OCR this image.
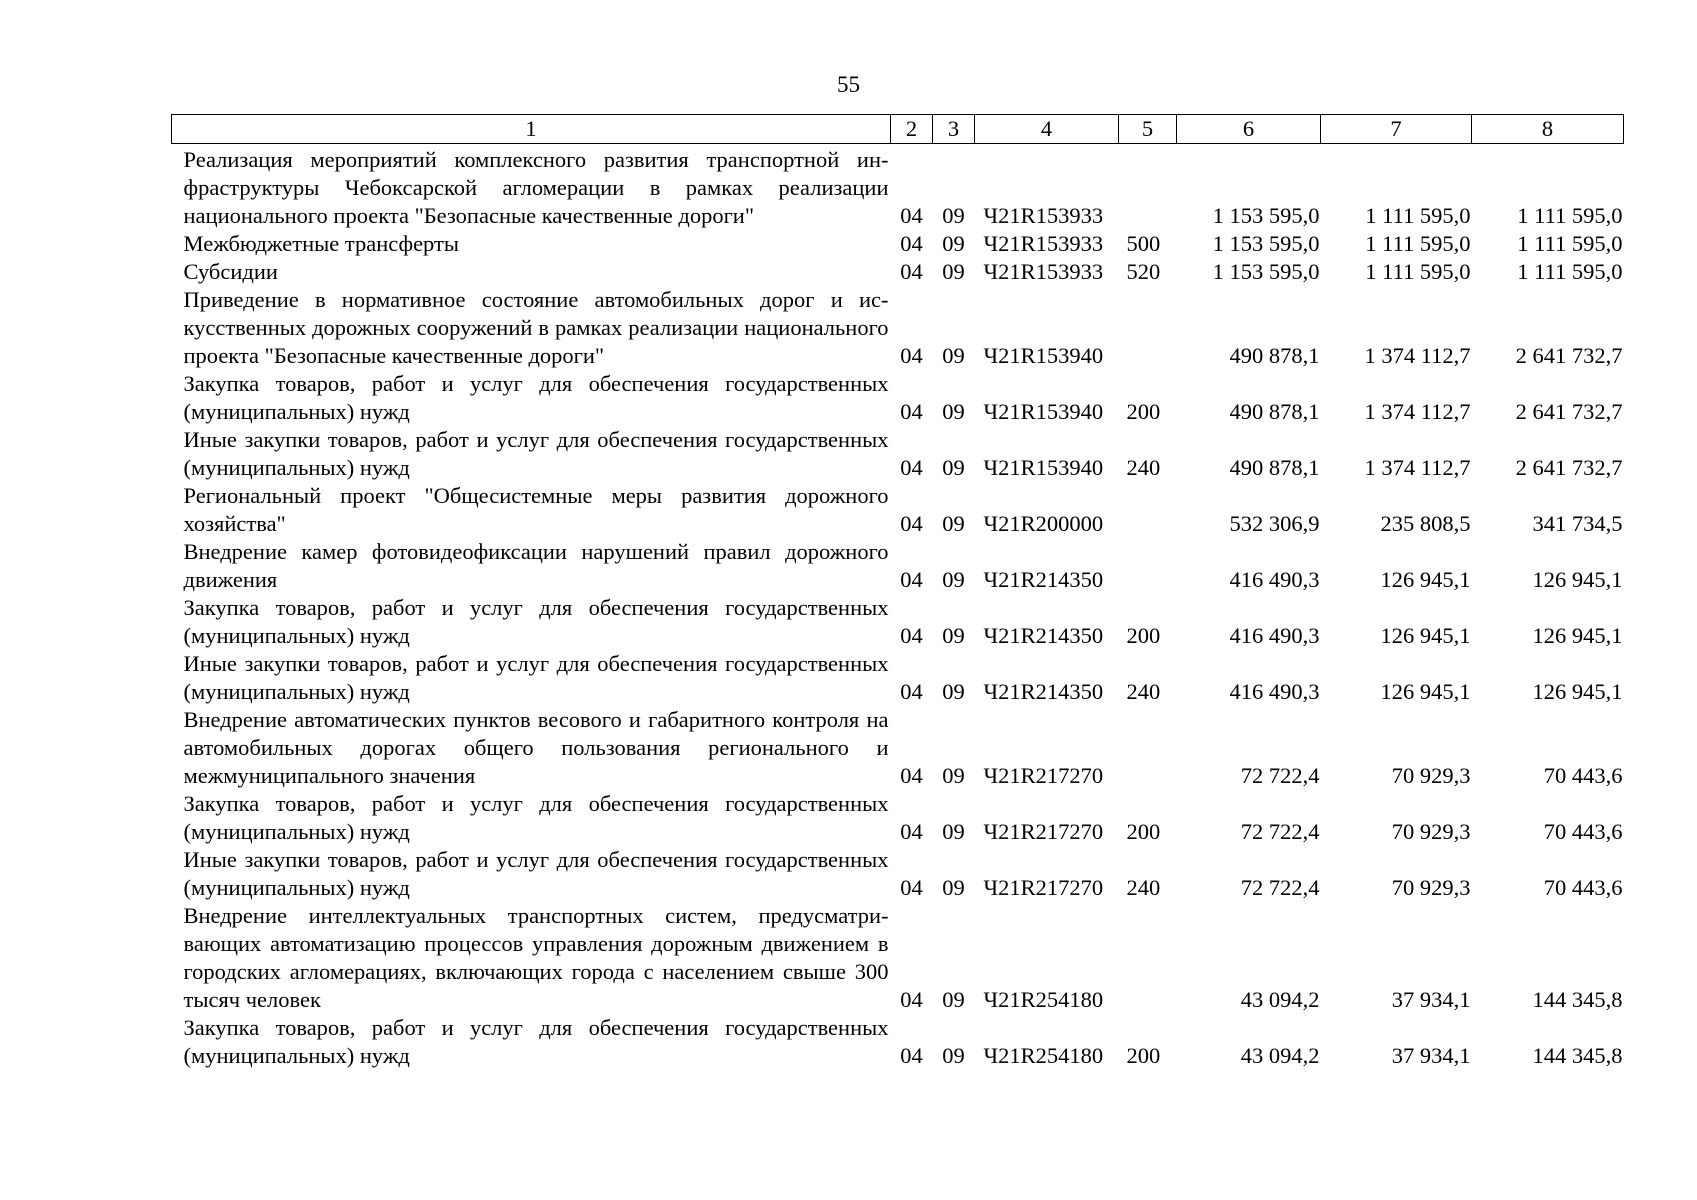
55
1	2	3	4	5	6	7	8
Реализация мероприятий комплексного развития транспортной инфраструктуры Чебоксарской агломерации в рамках реализации национального проекта "Безопасные качественные дороги"	04	09	Ч21R153933		1 153 595,0	1 111 595,0	1 111 595,0
Межбюджетные трансферты	04	09	Ч21R153933	500	1 153 595,0	1 111 595,0	1 111 595,0
Субсидии	04	09	Ч21R153933	520	1 153 595,0	1 111 595,0	1 111 595,0
Приведение в нормативное состояние автомобильных дорог и искусственных дорожных сооружений в рамках реализации национального проекта "Безопасные качественные дороги"	04	09	Ч21R153940		490 878,1	1 374 112,7	2 641 732,7
Закупка товаров, работ и услуг для обеспечения государственных (муниципальных) нужд	04	09	Ч21R153940	200	490 878,1	1 374 112,7	2 641 732,7
Иные закупки товаров, работ и услуг для обеспечения государственных (муниципальных) нужд	04	09	Ч21R153940	240	490 878,1	1 374 112,7	2 641 732,7
Региональный проект "Общесистемные меры развития дорожного хозяйства"	04	09	Ч21R200000		532 306,9	235 808,5	341 734,5
Внедрение камер фотовидеофиксации нарушений правил дорожного движения	04	09	Ч21R214350		416 490,3	126 945,1	126 945,1
Закупка товаров, работ и услуг для обеспечения государственных (муниципальных) нужд	04	09	Ч21R214350	200	416 490,3	126 945,1	126 945,1
Иные закупки товаров, работ и услуг для обеспечения государственных (муниципальных) нужд	04	09	Ч21R214350	240	416 490,3	126 945,1	126 945,1
Внедрение автоматических пунктов весового и габаритного контроля на автомобильных дорогах общего пользования регионального и межмуниципального значения	04	09	Ч21R217270		72 722,4	70 929,3	70 443,6
Закупка товаров, работ и услуг для обеспечения государственных (муниципальных) нужд	04	09	Ч21R217270	200	72 722,4	70 929,3	70 443,6
Иные закупки товаров, работ и услуг для обеспечения государственных (муниципальных) нужд	04	09	Ч21R217270	240	72 722,4	70 929,3	70 443,6
Внедрение интеллектуальных транспортных систем, предусматривающих автоматизацию процессов управления дорожным движением в городских агломерациях, включающих города с населением свыше 300 тысяч человек	04	09	Ч21R254180		43 094,2	37 934,1	144 345,8
Закупка товаров, работ и услуг для обеспечения государственных (муниципальных) нужд	04	09	Ч21R254180	200	43 094,2	37 934,1	144 345,8
